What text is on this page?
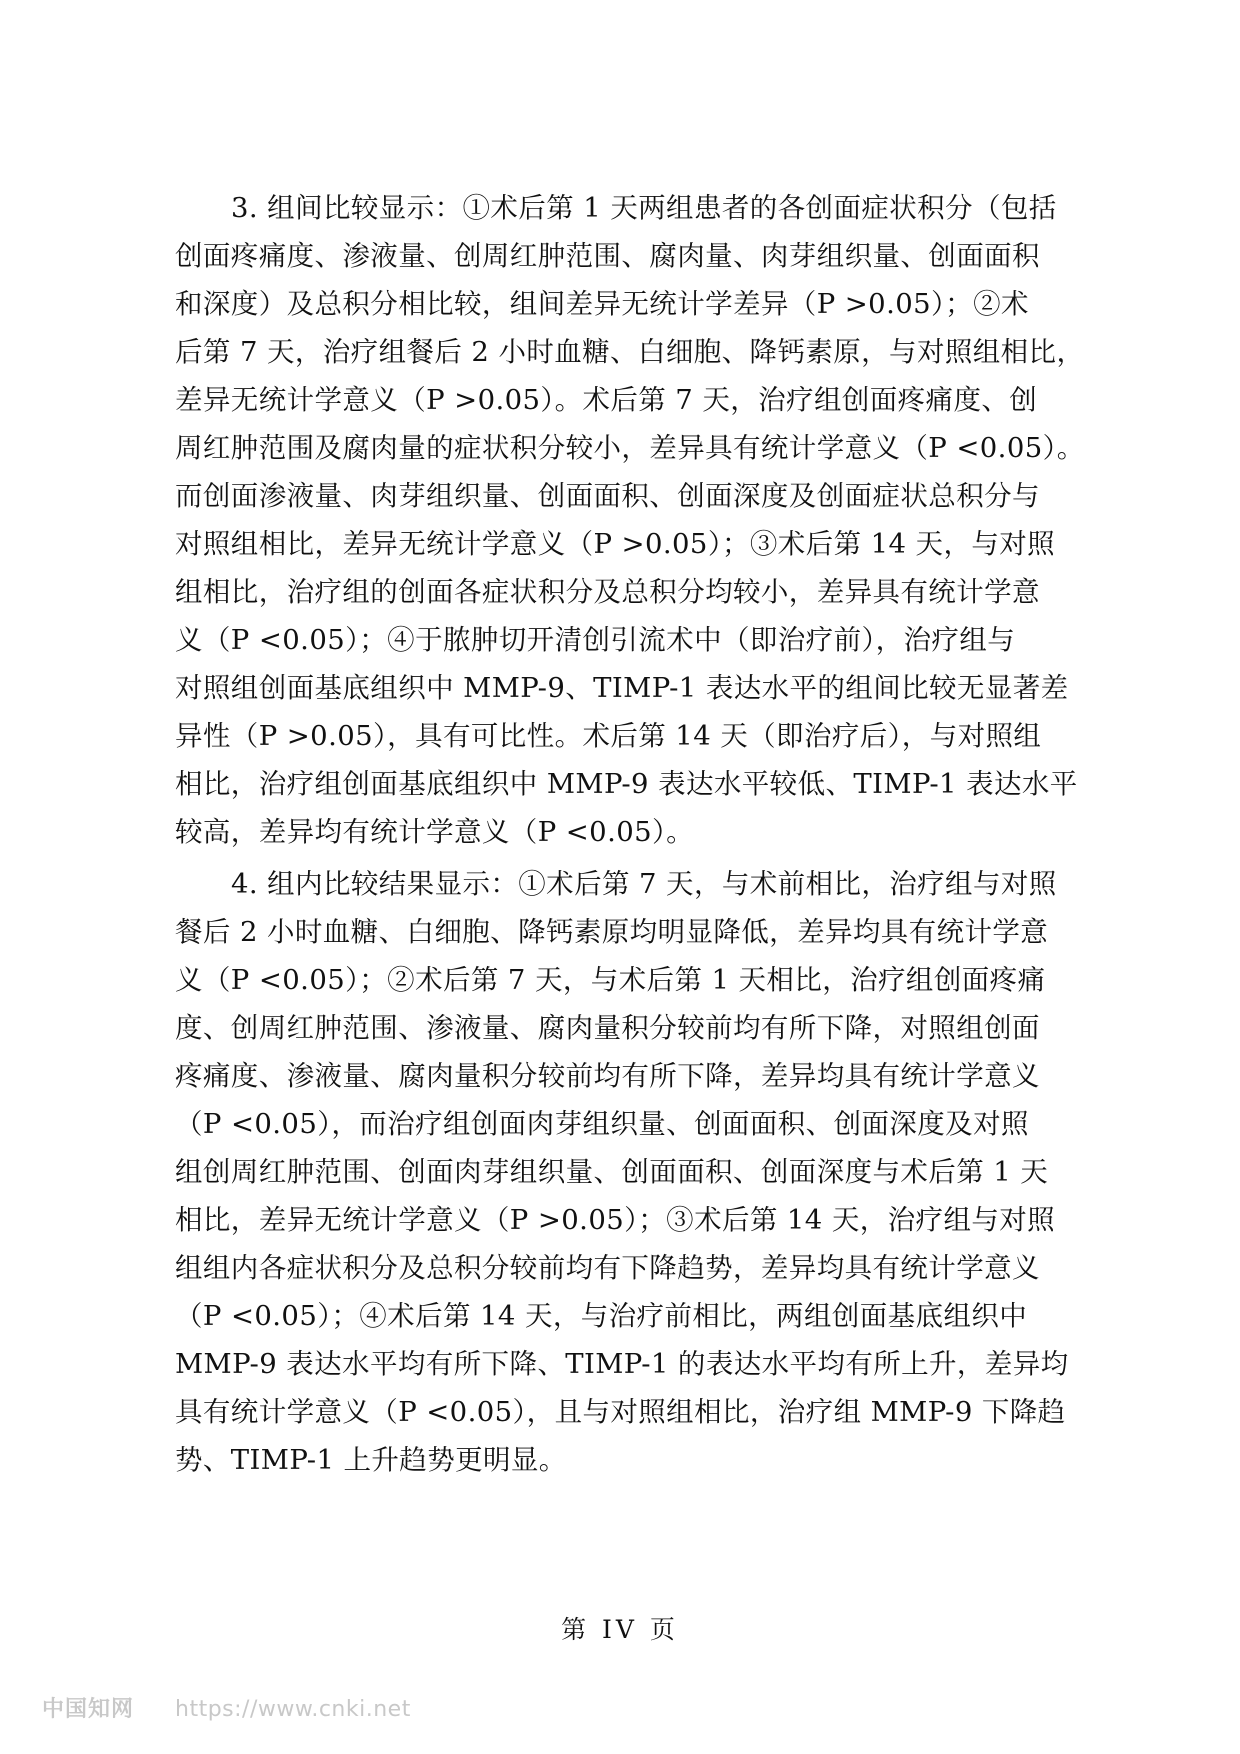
3. 组间比较显示：①术后第 1 天两组患者的各创面症状积分（包括
创面疼痛度、渗液量、创周红肿范围、腐肉量、肉芽组织量、创面面积
和深度）及总积分相比较，组间差异无统计学差异（P >0.05）；②术
后第 7 天，治疗组餐后 2 小时血糖、白细胞、降钙素原，与对照组相比，
差异无统计学意义（P >0.05）。术后第 7 天，治疗组创面疼痛度、创
周红肿范围及腐肉量的症状积分较小，差异具有统计学意义（P <0.05）。
而创面渗液量、肉芽组织量、创面面积、创面深度及创面症状总积分与
对照组相比，差异无统计学意义（P >0.05）；③术后第 14 天，与对照
组相比，治疗组的创面各症状积分及总积分均较小，差异具有统计学意
义（P <0.05）；④于脓肿切开清创引流术中（即治疗前），治疗组与
对照组创面基底组织中 MMP-9、TIMP-1 表达水平的组间比较无显著差
异性（P >0.05），具有可比性。术后第 14 天（即治疗后），与对照组
相比，治疗组创面基底组织中 MMP-9 表达水平较低、TIMP-1 表达水平
较高，差异均有统计学意义（P <0.05）。
4. 组内比较结果显示：①术后第 7 天，与术前相比，治疗组与对照
餐后 2 小时血糖、白细胞、降钙素原均明显降低，差异均具有统计学意
义（P <0.05）；②术后第 7 天，与术后第 1 天相比，治疗组创面疼痛
度、创周红肿范围、渗液量、腐肉量积分较前均有所下降，对照组创面
疼痛度、渗液量、腐肉量积分较前均有所下降，差异均具有统计学意义
（P <0.05），而治疗组创面肉芽组织量、创面面积、创面深度及对照
组创周红肿范围、创面肉芽组织量、创面面积、创面深度与术后第 1 天
相比，差异无统计学意义（P >0.05）；③术后第 14 天，治疗组与对照
组组内各症状积分及总积分较前均有下降趋势，差异均具有统计学意义
（P <0.05）；④术后第 14 天，与治疗前相比，两组创面基底组织中
MMP-9 表达水平均有所下降、TIMP-1 的表达水平均有所上升，差异均
具有统计学意义（P <0.05），且与对照组相比，治疗组 MMP-9 下降趋
势、TIMP-1 上升趋势更明显。
第 IV 页
中国知网 https://www.cnki.net
